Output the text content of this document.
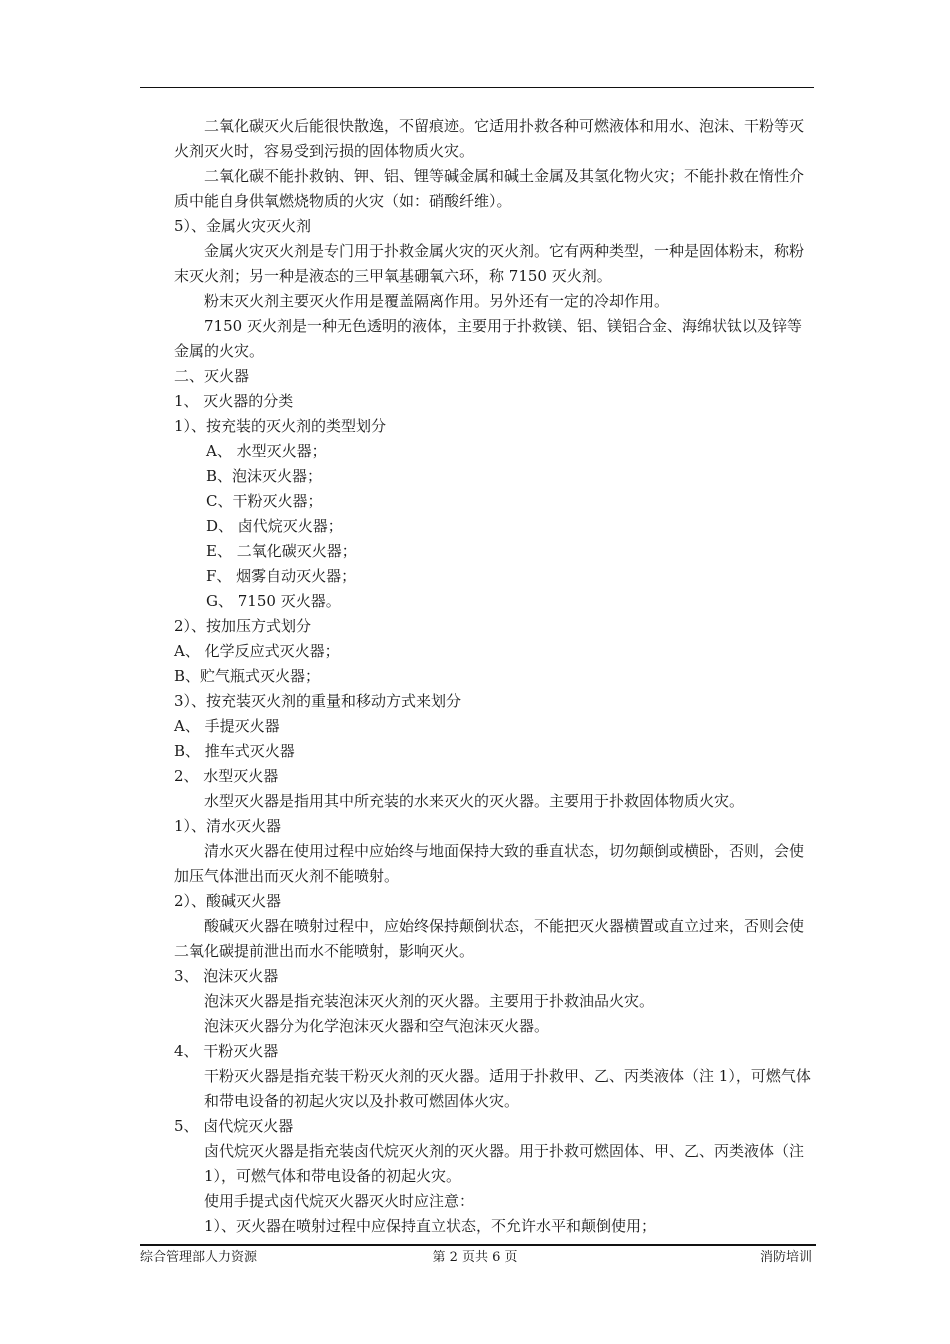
二氧化碳灭火后能很快散逸，不留痕迹。它适用扑救各种可燃液体和用水、泡沫、干粉等灭火剂灭火时，容易受到污损的固体物质火灾。
二氧化碳不能扑救钠、钾、铝、锂等碱金属和碱土金属及其氢化物火灾；不能扑救在惰性介质中能自身供氧燃烧物质的火灾（如：硝酸纤维）。
5）、金属火灾灭火剂
金属火灾灭火剂是专门用于扑救金属火灾的灭火剂。它有两种类型，一种是固体粉末，称粉末灭火剂；另一种是液态的三甲氧基硼氧六环，称 7150 灭火剂。
粉末灭火剂主要灭火作用是覆盖隔离作用。另外还有一定的冷却作用。
7150 灭火剂是一种无色透明的液体，主要用于扑救镁、铝、镁铝合金、海绵状钛以及锌等金属的火灾。
二、灭火器
1、 灭火器的分类
1）、按充装的灭火剂的类型划分
A、 水型灭火器；
B、泡沫灭火器；
C、干粉灭火器；
D、 卤代烷灭火器；
E、 二氧化碳灭火器；
F、 烟雾自动灭火器；
G、 7150 灭火器。
2）、按加压方式划分
A、 化学反应式灭火器；
B、贮气瓶式灭火器；
3）、按充装灭火剂的重量和移动方式来划分
A、 手提灭火器
B、 推车式灭火器
2、 水型灭火器
水型灭火器是指用其中所充装的水来灭火的灭火器。主要用于扑救固体物质火灾。
1）、清水灭火器
清水灭火器在使用过程中应始终与地面保持大致的垂直状态，切勿颠倒或横卧，否则，会使加压气体泄出而灭火剂不能喷射。
2）、酸碱灭火器
酸碱灭火器在喷射过程中，应始终保持颠倒状态，不能把灭火器横置或直立过来，否则会使二氧化碳提前泄出而水不能喷射，影响灭火。
3、 泡沫灭火器
泡沫灭火器是指充装泡沫灭火剂的灭火器。主要用于扑救油品火灾。
泡沫灭火器分为化学泡沫灭火器和空气泡沫灭火器。
4、 干粉灭火器
干粉灭火器是指充装干粉灭火剂的灭火器。适用于扑救甲、乙、丙类液体（注 1），可燃气体和带电设备的初起火灾以及扑救可燃固体火灾。
5、 卤代烷灭火器
卤代烷灭火器是指充装卤代烷灭火剂的灭火器。用于扑救可燃固体、甲、乙、丙类液体（注 1），可燃气体和带电设备的初起火灾。
使用手提式卤代烷灭火器灭火时应注意：
1）、灭火器在喷射过程中应保持直立状态，不允许水平和颠倒使用；
综合管理部人力资源	第 2 页共 6 页	消防培训
